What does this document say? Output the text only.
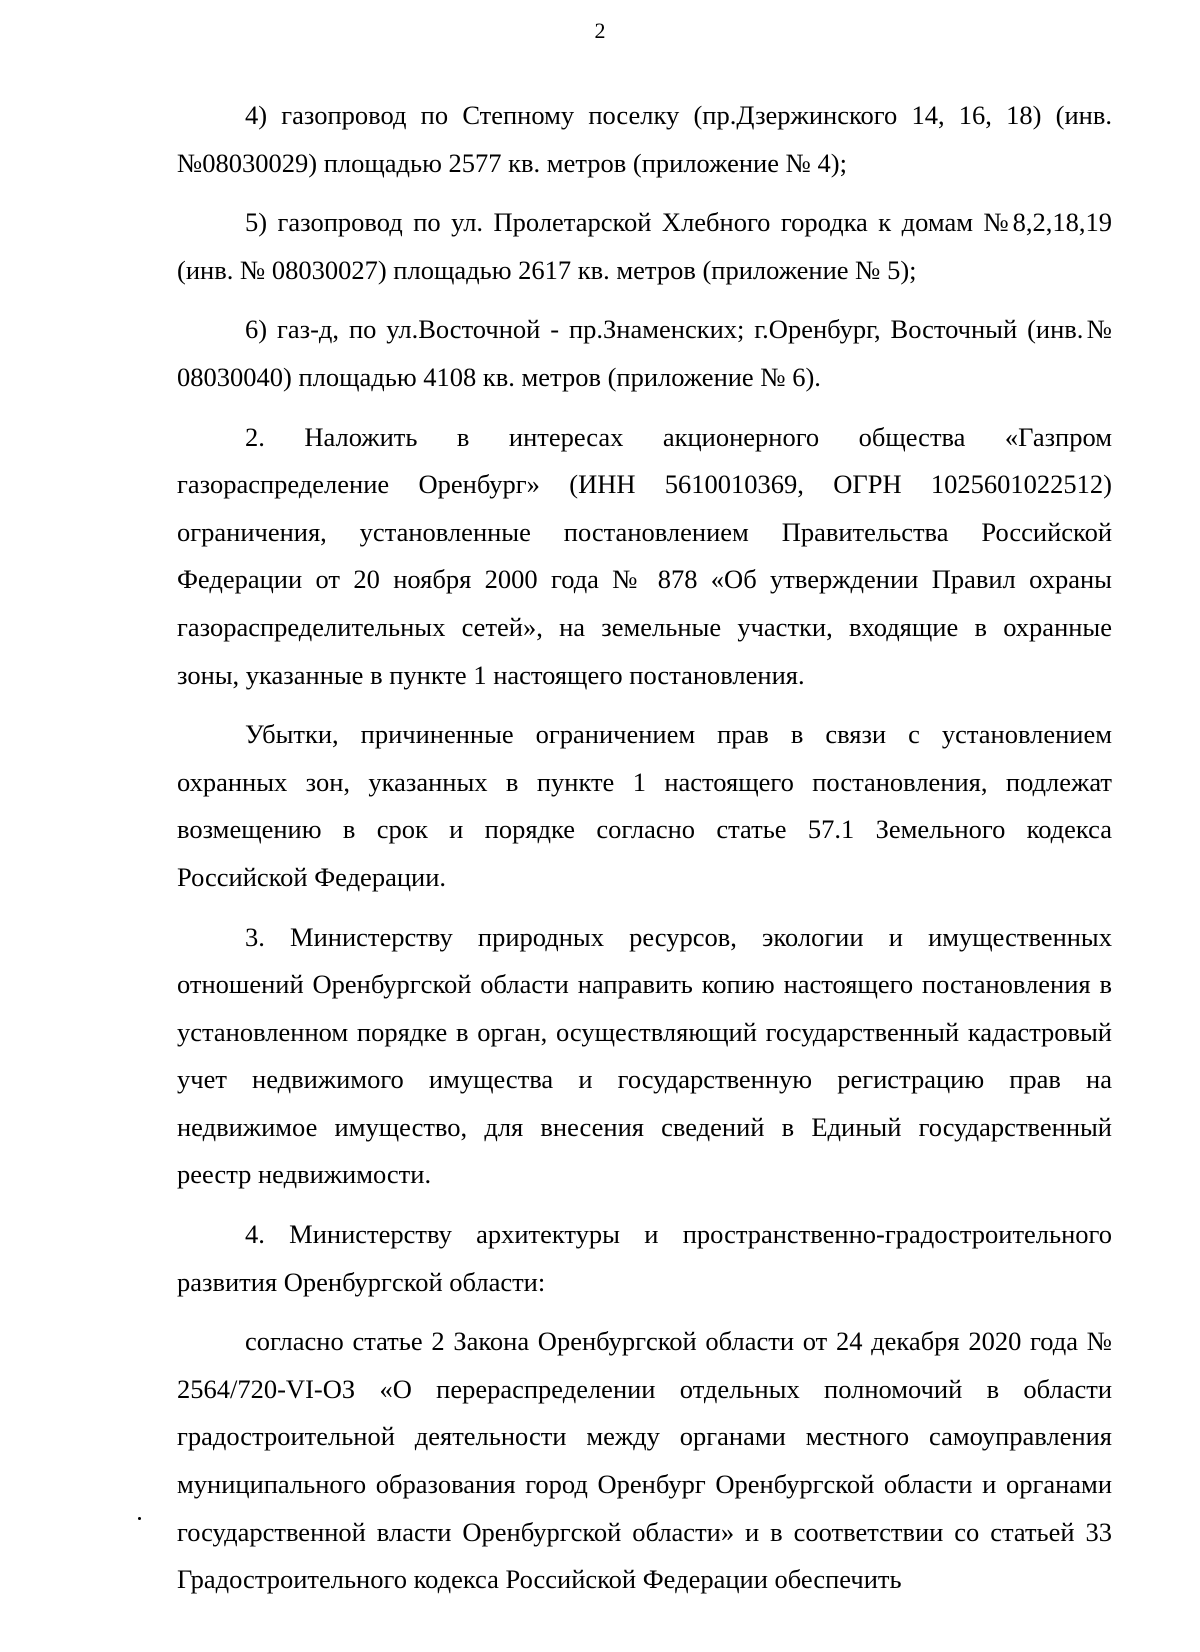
2

4) газопровод по Степному поселку (пр.Дзержинского 14, 16, 18) (инв. №08030029) площадью 2577 кв. метров (приложение № 4);

5) газопровод по ул. Пролетарской Хлебного городка к домам №8,2,18,19 (инв. № 08030027) площадью 2617 кв. метров (приложение № 5);

6) газ-д, по ул.Восточной - пр.Знаменских; г.Оренбург, Восточный (инв.№ 08030040) площадью 4108 кв. метров (приложение № 6).

2. Наложить в интересах акционерного общества «Газпром газораспределение Оренбург» (ИНН 5610010369, ОГРН 1025601022512) ограничения, установленные постановлением Правительства Российской Федерации от 20 ноября 2000 года № 878 «Об утверждении Правил охраны газораспределительных сетей», на земельные участки, входящие в охранные зоны, указанные в пункте 1 настоящего постановления.

Убытки, причиненные ограничением прав в связи с установлением охранных зон, указанных в пункте 1 настоящего постановления, подлежат возмещению в срок и порядке согласно статье 57.1 Земельного кодекса Российской Федерации.

3. Министерству природных ресурсов, экологии и имущественных отношений Оренбургской области направить копию настоящего постановления в установленном порядке в орган, осуществляющий государственный кадастровый учет недвижимого имущества и государственную регистрацию прав на недвижимое имущество, для внесения сведений в Единый государственный реестр недвижимости.

4. Министерству архитектуры и пространственно-градостроительного развития Оренбургской области:

согласно статье 2 Закона Оренбургской области от 24 декабря 2020 года № 2564/720-VI-ОЗ «О перераспределении отдельных полномочий в области градостроительной деятельности между органами местного самоуправления муниципального образования город Оренбург Оренбургской области и органами государственной власти Оренбургской области» и в соответствии со статьей 33 Градостроительного кодекса Российской Федерации обеспечить
